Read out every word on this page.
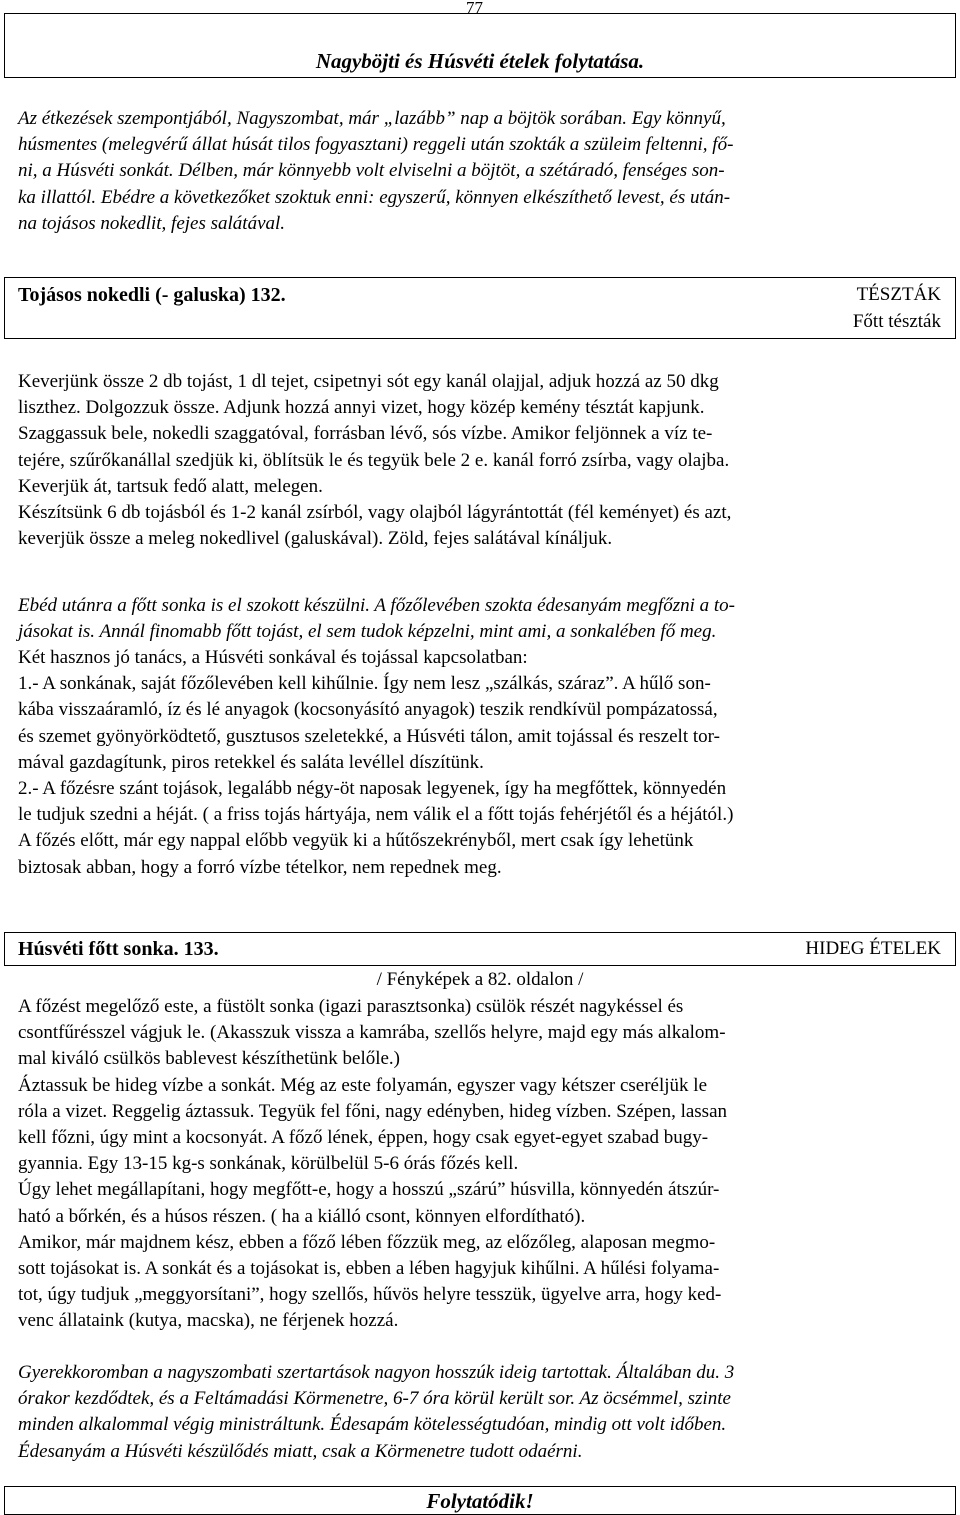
77
Nagyböjti és Húsvéti ételek folytatása.

Az étkezések szempontjából, Nagyszombat, már „lazább” nap a böjtök sorában. Egy könnyű,
húsmentes (melegvérű állat húsát tilos fogyasztani) reggeli után szokták a szüleim feltenni, fő-
ni, a Húsvéti sonkát. Délben, már könnyebb volt elviselni a böjtöt, a szétáradó, fenséges son-
ka illattól. Ebédre a következőket szoktuk enni: egyszerű, könnyen elkészíthető levest, és után-
na tojásos nokedlit, fejes salátával.

Tojásos nokedli (- galuska) 132.	TÉSZTÁK
Főtt tészták

Keverjünk össze 2 db tojást, 1 dl tejet, csipetnyi sót egy kanál olajjal, adjuk hozzá az 50 dkg
liszthez. Dolgozzuk össze. Adjunk hozzá annyi vizet, hogy közép kemény tésztát kapjunk.
Szaggassuk bele, nokedli szaggatóval, forrásban lévő, sós vízbe. Amikor feljönnek a víz te-
tejére, szűrőkanállal szedjük ki, öblítsük le és tegyük bele 2 e. kanál forró zsírba, vagy olajba.
Keverjük át, tartsuk fedő alatt, melegen.
Készítsünk 6 db tojásból és 1-2 kanál zsírból, vagy olajból lágyrántottát (fél keményet) és azt,
keverjük össze a meleg nokedlivel (galuskával). Zöld, fejes salátával kínáljuk.

Ebéd utánra a főtt sonka is el szokott készülni. A főzőlevében szokta édesanyám megfőzni a to-
jásokat is. Annál finomabb főtt tojást, el sem tudok képzelni, mint ami, a sonkalében fő meg.

Két hasznos jó tanács, a Húsvéti sonkával és tojással kapcsolatban:
1.- A sonkának, saját főzőlevében kell kihűlnie. Így nem lesz „szálkás, száraz”. A hűlő son-
kába visszaáramló, íz és lé anyagok (kocsonyásító anyagok) teszik rendkívül pompázatossá,
és szemet gyönyörködtető, gusztusos szeletekké, a Húsvéti tálon, amit tojással és reszelt tor-
mával gazdagítunk, piros retekkel és saláta levéllel díszítünk.
2.- A főzésre szánt tojások, legalább négy-öt naposak legyenek, így ha megfőttek, könnyedén
le tudjuk szedni a héját. ( a friss tojás hártyája, nem válik el a főtt tojás fehérjétől és a héjától.)
A főzés előtt, már egy nappal előbb vegyük ki a hűtőszekrényből, mert csak így lehetünk
biztosak abban, hogy a forró vízbe tételkor, nem repednek meg.

Húsvéti főtt sonka. 133.	HIDEG ÉTELEK
/ Fényképek a 82. oldalon /

A főzést megelőző este, a füstölt sonka (igazi parasztsonka) csülök részét nagykéssel és
csontfűrésszel vágjuk le. (Akasszuk vissza a kamrába, szellős helyre, majd egy más alkalom-
mal kiváló csülkös bablevest készíthetünk belőle.)
Áztassuk be hideg vízbe a sonkát. Még az este folyamán, egyszer vagy kétszer cseréljük le
róla a vizet. Reggelig áztassuk. Tegyük fel főni, nagy edényben, hideg vízben. Szépen, lassan
kell főzni, úgy mint a kocsonyát. A főző lének, éppen, hogy csak egyet-egyet szabad bugy-
gyannia. Egy 13-15 kg-s sonkának, körülbelül 5-6 órás főzés kell.
Úgy lehet megállapítani, hogy megfőtt-e, hogy a hosszú „szárú” húsvilla, könnyedén átszúr-
ható a bőrkén, és a húsos részen. ( ha a kiálló csont, könnyen elfordítható).
Amikor, már majdnem kész, ebben a főző lében főzzük meg, az előzőleg, alaposan megmo-
sott tojásokat is. A sonkát és a tojásokat is, ebben a lében hagyjuk kihűlni. A hűlési folyama-
tot, úgy tudjuk „meggyorsítani”, hogy szellős, hűvös helyre tesszük, ügyelve arra, hogy ked-
venc állataink (kutya, macska), ne férjenek hozzá.

Gyerekkoromban a nagyszombati szertartások nagyon hosszúk ideig tartottak. Általában du. 3
órakor kezdődtek, és a Feltámadási Körmenetre, 6-7 óra körül került sor. Az öcsémmel, szinte
minden alkalommal végig ministráltunk. Édesapám kötelességtudóan, mindig ott volt időben.
Édesanyám a Húsvéti készülődés miatt, csak a Körmenetre tudott odaérni.

Folytatódik!
